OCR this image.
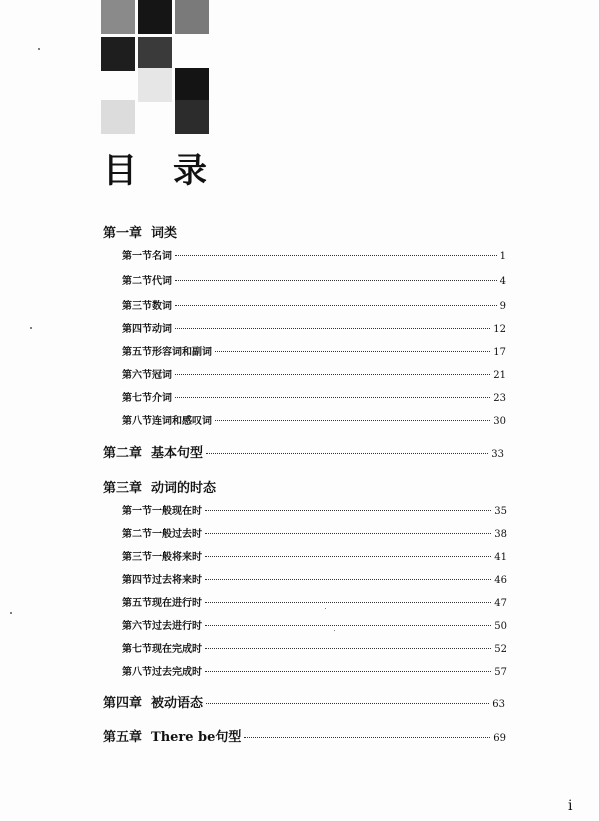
目录
第一章 词类
第一节 名词	1
第二节 代词	4
第三节 数词	9
第四节 动词	12
第五节 形容词和副词	17
第六节 冠词	21
第七节 介词	23
第八节 连词和感叹词	30
第二章 基本句型	33
第三章 动词的时态
第一节 一般现在时	35
第二节 一般过去时	38
第三节 一般将来时	41
第四节 过去将来时	46
第五节 现在进行时	47
第六节 过去进行时	50
第七节 现在完成时	52
第八节 过去完成时	57
第四章 被动语态	63
第五章 There be句型	69
i
